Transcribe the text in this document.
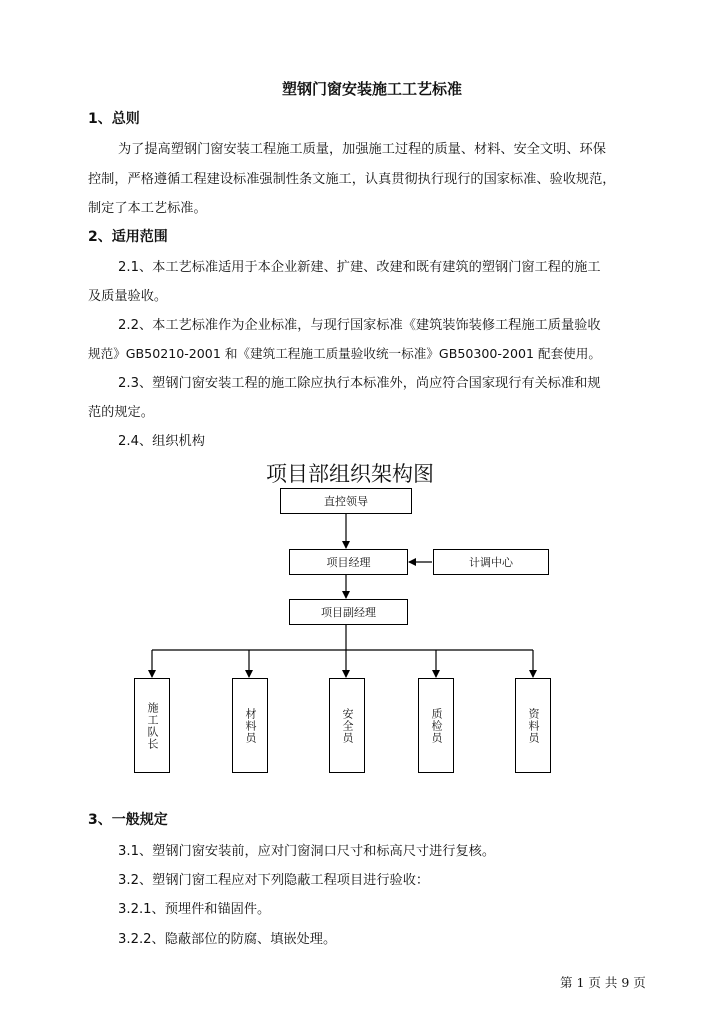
塑钢门窗安装施工工艺标准
1、总则
为了提高塑钢门窗安装工程施工质量，加强施工过程的质量、材料、安全文明、环保
控制，严格遵循工程建设标准强制性条文施工，认真贯彻执行现行的国家标准、验收规范，
制定了本工艺标准。
2、适用范围
2.1、本工艺标准适用于本企业新建、扩建、改建和既有建筑的塑钢门窗工程的施工
及质量验收。
2.2、本工艺标准作为企业标准，与现行国家标准《建筑装饰装修工程施工质量验收
规范》GB50210-2001 和《建筑工程施工质量验收统一标准》GB50300-2001 配套使用。
2.3、塑钢门窗安装工程的施工除应执行本标准外，尚应符合国家现行有关标准和规
范的规定。
2.4、组织机构
项目部组织架构图
直控领导
项目经理	计调中心
项目副经理
施工队长	材料员	安全员	质检员	资料员
3、一般规定
3.1、塑钢门窗安装前，应对门窗洞口尺寸和标高尺寸进行复核。
3.2、塑钢门窗工程应对下列隐蔽工程项目进行验收：
3.2.1、预埋件和锚固件。
3.2.2、隐蔽部位的防腐、填嵌处理。
第 1 页 共 9 页
